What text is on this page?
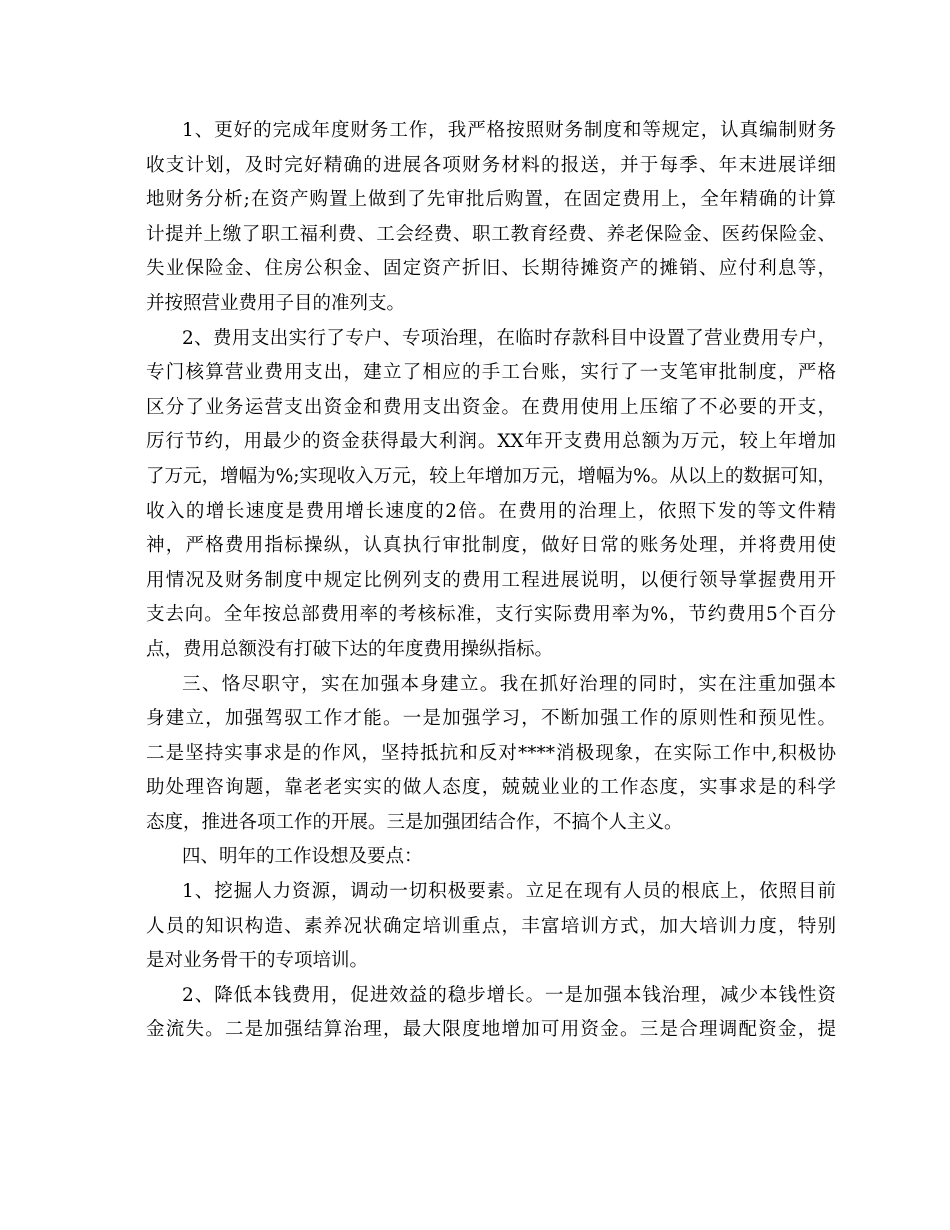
1、更好的完成年度财务工作，我严格按照财务制度和等规定，认真编制财务
收支计划，及时完好精确的进展各项财务材料的报送，并于每季、年末进展详细
地财务分析;在资产购置上做到了先审批后购置，在固定费用上，全年精确的计算
计提并上缴了职工福利费、工会经费、职工教育经费、养老保险金、医药保险金、
失业保险金、住房公积金、固定资产折旧、长期待摊资产的摊销、应付利息等，
并按照营业费用子目的准列支。
2、费用支出实行了专户、专项治理，在临时存款科目中设置了营业费用专户，
专门核算营业费用支出，建立了相应的手工台账，实行了一支笔审批制度，严格
区分了业务运营支出资金和费用支出资金。在费用使用上压缩了不必要的开支，
厉行节约，用最少的资金获得最大利润。XX年开支费用总额为万元，较上年增加
了万元，增幅为%;实现收入万元，较上年增加万元，增幅为%。从以上的数据可知，
收入的增长速度是费用增长速度的2倍。在费用的治理上，依照下发的等文件精
神，严格费用指标操纵，认真执行审批制度，做好日常的账务处理，并将费用使
用情况及财务制度中规定比例列支的费用工程进展说明，以便行领导掌握费用开
支去向。全年按总部费用率的考核标准，支行实际费用率为%，节约费用5个百分
点，费用总额没有打破下达的年度费用操纵指标。
三、恪尽职守，实在加强本身建立。我在抓好治理的同时，实在注重加强本
身建立，加强驾驭工作才能。一是加强学习，不断加强工作的原则性和预见性。
二是坚持实事求是的作风，坚持抵抗和反对****消极现象，在实际工作中,积极协
助处理咨询题，靠老老实实的做人态度，兢兢业业的工作态度，实事求是的科学
态度，推进各项工作的开展。三是加强团结合作，不搞个人主义。
四、明年的工作设想及要点：
1、挖掘人力资源，调动一切积极要素。立足在现有人员的根底上，依照目前
人员的知识构造、素养况状确定培训重点，丰富培训方式，加大培训力度，特别
是对业务骨干的专项培训。
2、降低本钱费用，促进效益的稳步增长。一是加强本钱治理，减少本钱性资
金流失。二是加强结算治理，最大限度地增加可用资金。三是合理调配资金，提
